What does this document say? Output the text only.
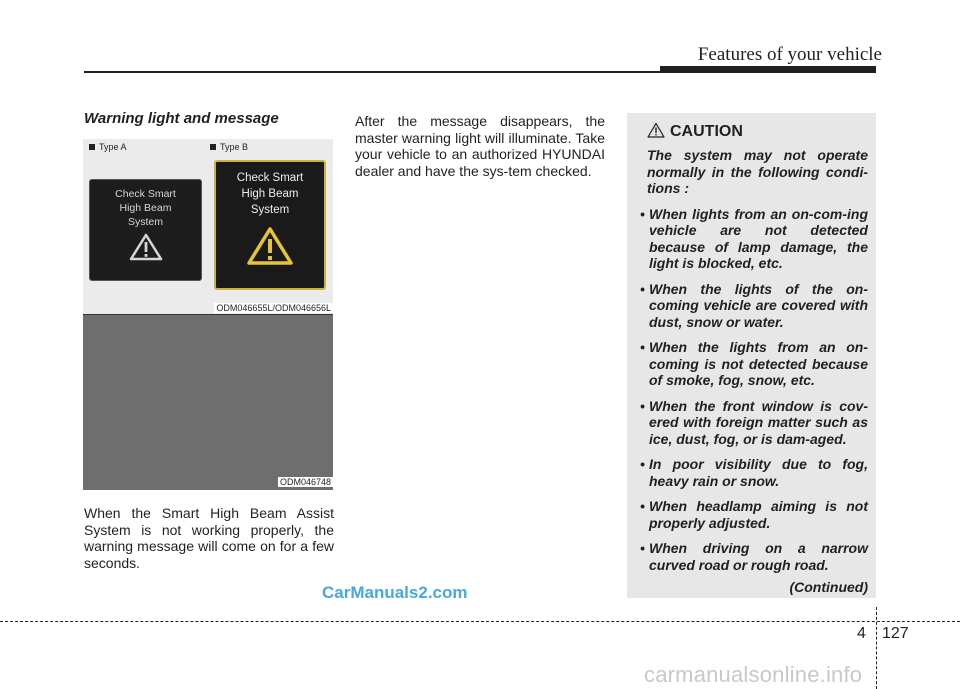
Features of your vehicle
Warning light and message
Type A	Type B
Check Smart
High Beam
System
Check Smart
High Beam
System
ODM046655L/ODM046656L
ODM046748
When the Smart High Beam Assist System is not working properly, the warning message will come on for a few seconds.
After the message disappears, the master warning light will illuminate. Take your vehicle to an authorized HYUNDAI dealer and have the sys-tem checked.
CAUTION
The system may not operate normally in the following condi-tions :
• When lights from an on-com-ing vehicle are not detected because of lamp damage, the light is blocked, etc.
• When the lights of the on-coming vehicle are covered with dust, snow or water.
• When the lights from an on-coming is not detected because of smoke, fog, snow, etc.
• When the front window is cov-ered with foreign matter such as ice, dust, fog, or is dam-aged.
• In poor visibility due to fog, heavy rain or snow.
• When headlamp aiming is not properly adjusted.
• When driving on a narrow curved road or rough road.
(Continued)
CarManuals2.com
4 127
carmanualsonline.info
